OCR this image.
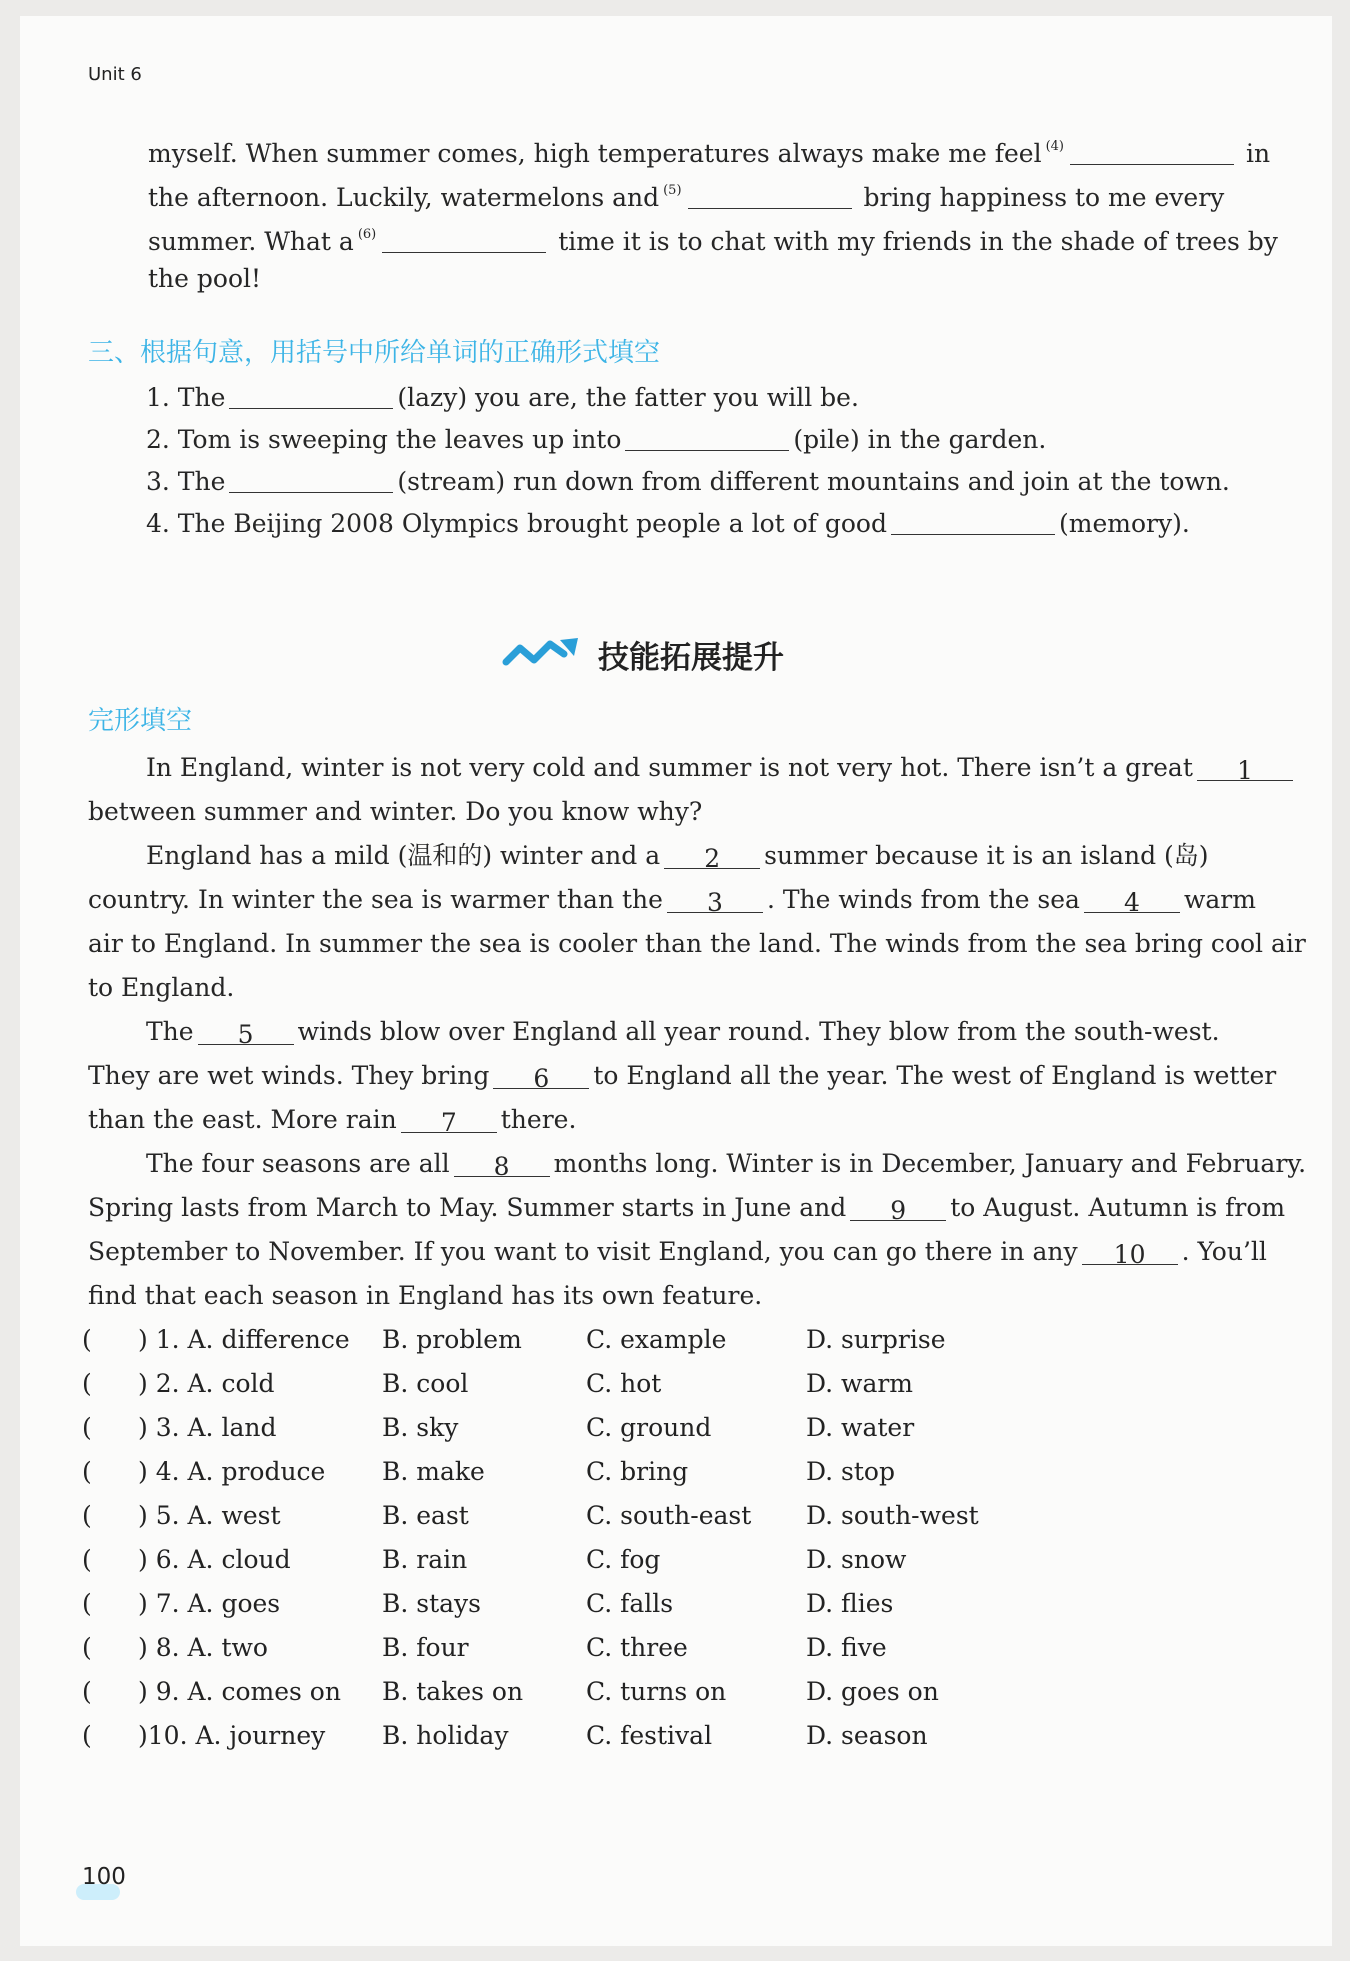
Unit 6
myself. When summer comes, high temperatures always make me feel $^{(4)}$	in
the afternoon. Luckily, watermelons and $^{(5)}$	bring happiness to me every
summer. What a $^{(6)}$	time it is to chat with my friends in the shade of trees by
the pool!
三、根据句意，用括号中所给单词的正确形式填空
1. The	(lazy) you are, the fatter you will be.
2. Tom is sweeping the leaves up into	(pile) in the garden.
3. The	(stream) run down from different mountains and join at the town.
4. The Beijing 2008 Olympics brought people a lot of good	(memory).
技能拓展提升
完形填空
In England, winter is not very cold and summer is not very hot. There isn’t a great 1
between summer and winter. Do you know why?
England has a mild (温和的) winter and a 2 summer because it is an island (岛)
country. In winter the sea is warmer than the 3 . The winds from the sea 4 warm
air to England. In summer the sea is cooler than the land. The winds from the sea bring cool air
to England.
The 5 winds blow over England all year round. They blow from the south-west.
They are wet winds. They bring 6 to England all the year. The west of England is wetter
than the east. More rain 7 there.
The four seasons are all 8 months long. Winter is in December, January and February.
Spring lasts from March to May. Summer starts in June and 9 to August. Autumn is from
September to November. If you want to visit England, you can go there in any 10 . You’ll
find that each season in England has its own feature.
( ) 1. A. difference B. problem	C. example	D. surprise
( ) 2. A. cold	B. cool	C. hot	D. warm
( ) 3. A. land	B. sky	C. ground	D. water
( ) 4. A. produce B. make	C. bring	D. stop
( ) 5. A. west	B. east	C. south-east D. south-west
( ) 6. A. cloud	B. rain	C. fog	D. snow
( ) 7. A. goes	B. stays	C. falls	D. flies
( ) 8. A. two	B. four	C. three	D. five
( ) 9. A. comes on B. takes on	C. turns on	D. goes on
( )10. A. journey B. holiday	C. festival	D. season
100
